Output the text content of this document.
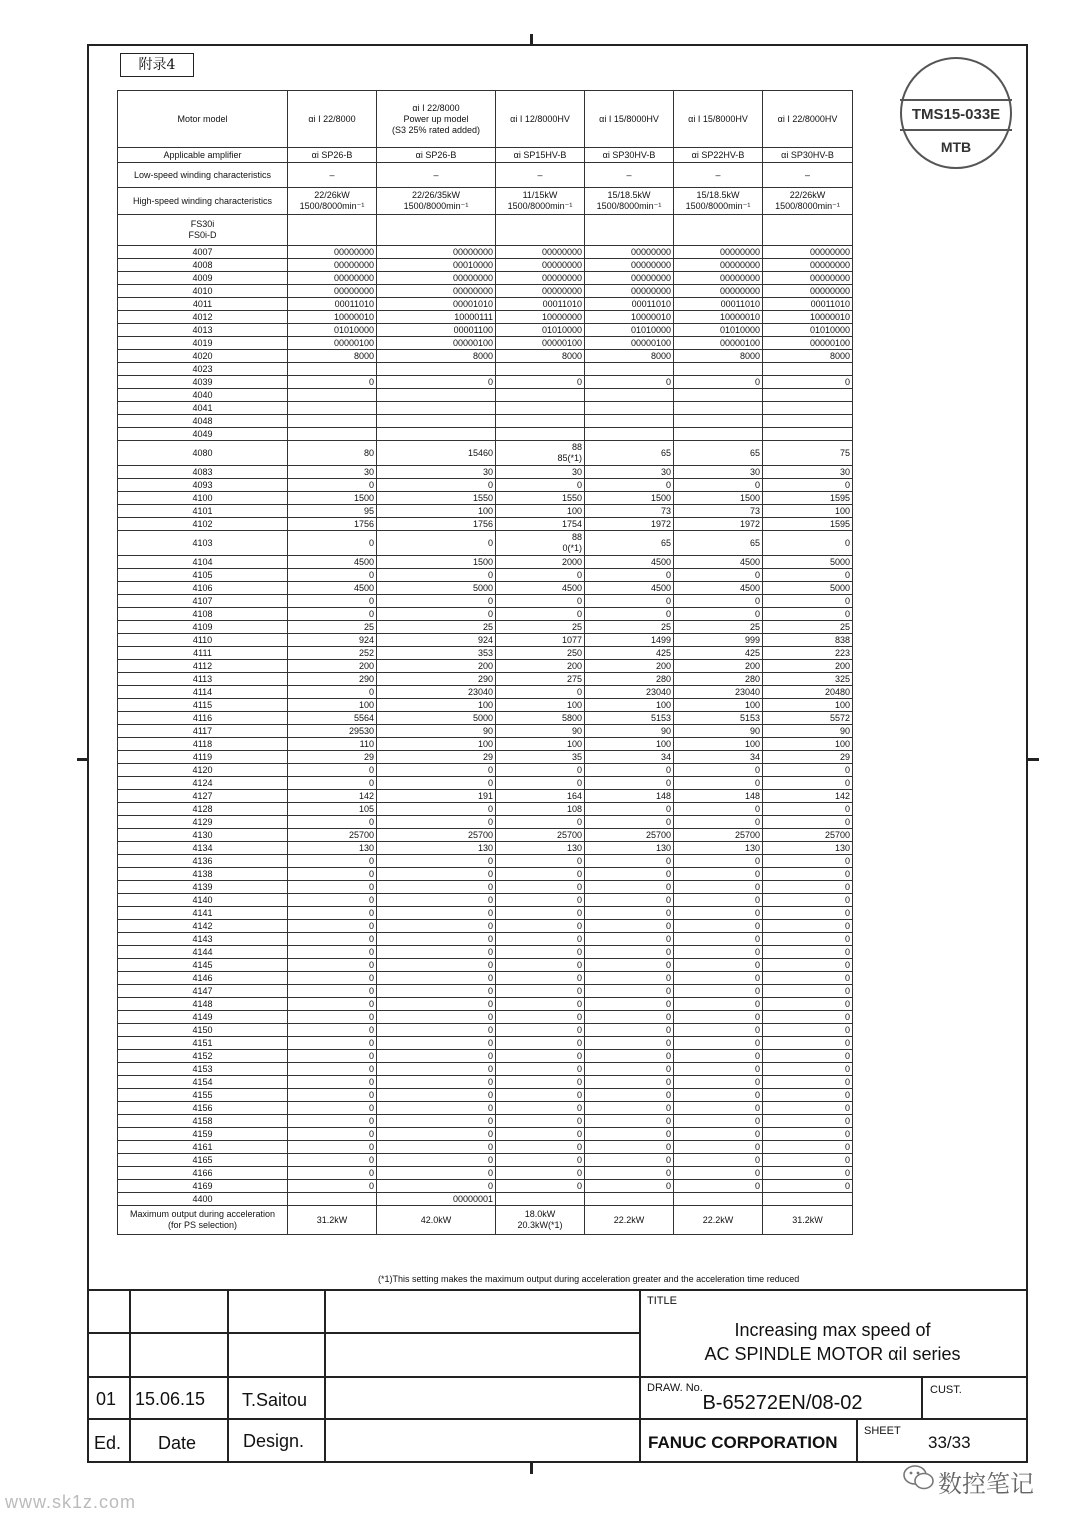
附录4
TMS15-033E
MTB
Motor model	αi I 22/8000	αi I 22/8000
Power up model
(S3 25% rated added)	αi I 12/8000HV	αi I 15/8000HV	αi I 15/8000HV	αi I 22/8000HV
Applicable amplifier	αi SP26-B	αi SP26-B	αi SP15HV-B	αi SP30HV-B	αi SP22HV-B	αi SP30HV-B
Low-speed winding characteristics	–	–	–	–	–	–
High-speed winding characteristics	22/26kW
1500/8000min⁻¹	22/26/35kW
1500/8000min⁻¹	11/15kW
1500/8000min⁻¹	15/18.5kW
1500/8000min⁻¹	15/18.5kW
1500/8000min⁻¹	22/26kW
1500/8000min⁻¹
FS30i
FS0i-D						
4007	00000000	00000000	00000000	00000000	00000000	00000000
4008	00000000	00010000	00000000	00000000	00000000	00000000
4009	00000000	00000000	00000000	00000000	00000000	00000000
4010	00000000	00000000	00000000	00000000	00000000	00000000
4011	00011010	00001010	00011010	00011010	00011010	00011010
4012	10000010	10000111	10000000	10000010	10000010	10000010
4013	01010000	00001100	01010000	01010000	01010000	01010000
4019	00000100	00000100	00000100	00000100	00000100	00000100
4020	8000	8000	8000	8000	8000	8000
4023						
4039	0	0	0	0	0	0
4040						
4041						
4048						
4049						
4080	80	15460	88
85(*1)	65	65	75
4083	30	30	30	30	30	30
4093	0	0	0	0	0	0
4100	1500	1550	1550	1500	1500	1595
4101	95	100	100	73	73	100
4102	1756	1756	1754	1972	1972	1595
4103	0	0	88
0(*1)	65	65	0
4104	4500	1500	2000	4500	4500	5000
4105	0	0	0	0	0	0
4106	4500	5000	4500	4500	4500	5000
4107	0	0	0	0	0	0
4108	0	0	0	0	0	0
4109	25	25	25	25	25	25
4110	924	924	1077	1499	999	838
4111	252	353	250	425	425	223
4112	200	200	200	200	200	200
4113	290	290	275	280	280	325
4114	0	23040	0	23040	23040	20480
4115	100	100	100	100	100	100
4116	5564	5000	5800	5153	5153	5572
4117	29530	90	90	90	90	90
4118	110	100	100	100	100	100
4119	29	29	35	34	34	29
4120	0	0	0	0	0	0
4124	0	0	0	0	0	0
4127	142	191	164	148	148	142
4128	105	0	108	0	0	0
4129	0	0	0	0	0	0
4130	25700	25700	25700	25700	25700	25700
4134	130	130	130	130	130	130
4136	0	0	0	0	0	0
4138	0	0	0	0	0	0
4139	0	0	0	0	0	0
4140	0	0	0	0	0	0
4141	0	0	0	0	0	0
4142	0	0	0	0	0	0
4143	0	0	0	0	0	0
4144	0	0	0	0	0	0
4145	0	0	0	0	0	0
4146	0	0	0	0	0	0
4147	0	0	0	0	0	0
4148	0	0	0	0	0	0
4149	0	0	0	0	0	0
4150	0	0	0	0	0	0
4151	0	0	0	0	0	0
4152	0	0	0	0	0	0
4153	0	0	0	0	0	0
4154	0	0	0	0	0	0
4155	0	0	0	0	0	0
4156	0	0	0	0	0	0
4158	0	0	0	0	0	0
4159	0	0	0	0	0	0
4161	0	0	0	0	0	0
4165	0	0	0	0	0	0
4166	0	0	0	0	0	0
4169	0	0	0	0	0	0
4400		00000001				
Maximum output during acceleration
(for PS selection)	31.2kW	42.0kW	18.0kW
20.3kW(*1)	22.2kW	22.2kW	31.2kW
(*1)This setting makes the maximum output during acceleration greater and the acceleration time reduced
TITLE
Increasing max speed of
AC SPINDLE MOTOR αiI series
DRAW. No.
B-65272EN/08-02
CUST.
FANUC CORPORATION
SHEET
33/33
01 15.06.15 T.Saitou
Ed. Date	Design.
www.sk1z.com
数控笔记
